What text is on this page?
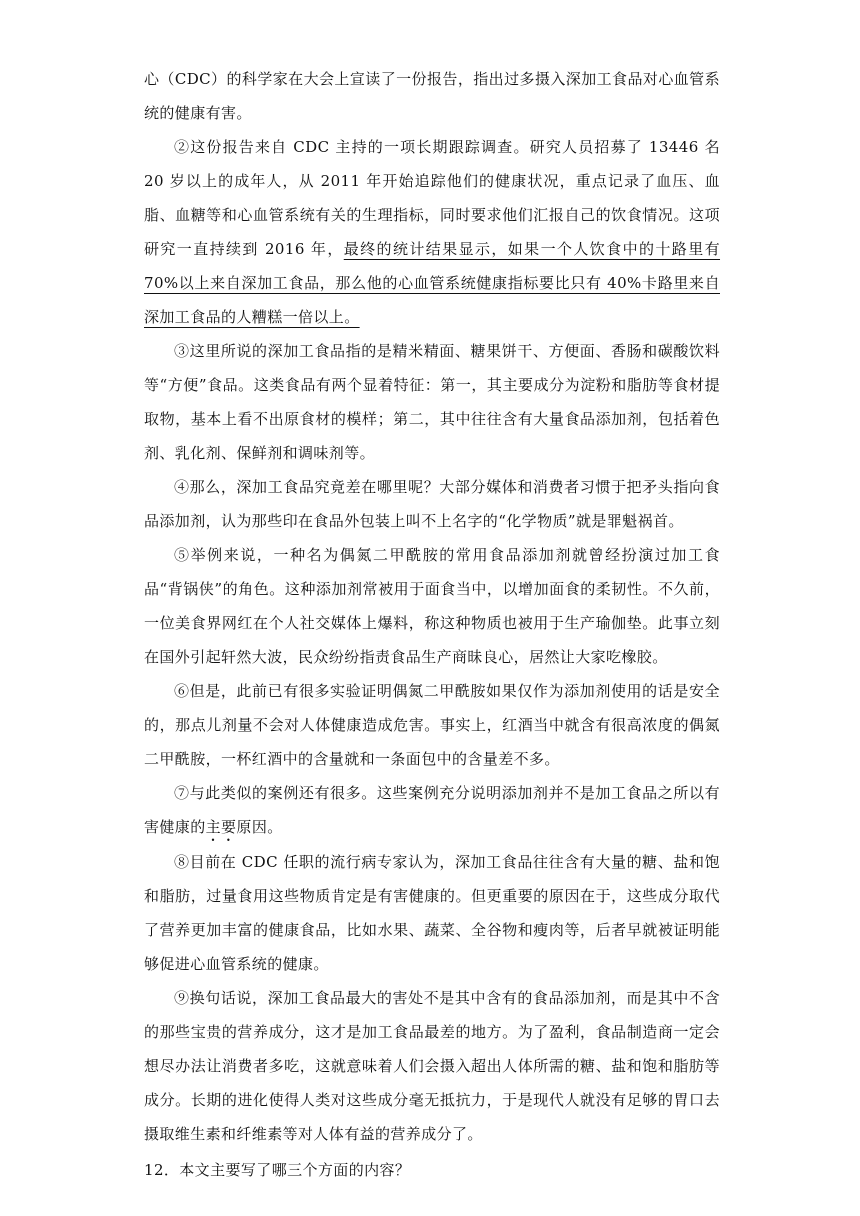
心（CDC）的科学家在大会上宣读了一份报告，指出过多摄入深加工食品对心血管系统的健康有害。

②这份报告来自 CDC 主持的一项长期跟踪调查。研究人员招募了 13446 名 20 岁以上的成年人，从 2011 年开始追踪他们的健康状况，重点记录了血压、血脂、血糖等和心血管系统有关的生理指标，同时要求他们汇报自己的饮食情况。这项研究一直持续到 2016 年，最终的统计结果显示，如果一个人饮食中的十路里有 70%以上来自深加工食品，那么他的心血管系统健康指标要比只有 40%卡路里来自深加工食品的人糟糕一倍以上。

③这里所说的深加工食品指的是精米精面、糖果饼干、方便面、香肠和碳酸饮料等“方便”食品。这类食品有两个显着特征：第一，其主要成分为淀粉和脂肪等食材提取物，基本上看不出原食材的模样；第二，其中往往含有大量食品添加剂，包括着色剂、乳化剂、保鲜剂和调味剂等。

④那么，深加工食品究竟差在哪里呢？大部分媒体和消费者习惯于把矛头指向食品添加剂，认为那些印在食品外包装上叫不上名字的“化学物质”就是罪魁祸首。

⑤举例来说，一种名为偶氮二甲酰胺的常用食品添加剂就曾经扮演过加工食品“背锅侠”的角色。这种添加剂常被用于面食当中，以增加面食的柔韧性。不久前，一位美食界网红在个人社交媒体上爆料，称这种物质也被用于生产瑜伽垫。此事立刻在国外引起轩然大波，民众纷纷指责食品生产商昧良心，居然让大家吃橡胶。

⑥但是，此前已有很多实验证明偶氮二甲酰胺如果仅作为添加剂使用的话是安全的，那点儿剂量不会对人体健康造成危害。事实上，红酒当中就含有很高浓度的偶氮二甲酰胺，一杯红酒中的含量就和一条面包中的含量差不多。

⑦与此类似的案例还有很多。这些案例充分说明添加剂并不是加工食品之所以有害健康的主要原因。

⑧目前在 CDC 任职的流行病专家认为，深加工食品往往含有大量的糖、盐和饱和脂肪，过量食用这些物质肯定是有害健康的。但更重要的原因在于，这些成分取代了营养更加丰富的健康食品，比如水果、蔬菜、全谷物和瘦肉等，后者早就被证明能够促进心血管系统的健康。

⑨换句话说，深加工食品最大的害处不是其中含有的食品添加剂，而是其中不含的那些宝贵的营养成分，这才是加工食品最差的地方。为了盈利，食品制造商一定会想尽办法让消费者多吃，这就意味着人们会摄入超出人体所需的糖、盐和饱和脂肪等成分。长期的进化使得人类对这些成分毫无抵抗力，于是现代人就没有足够的胃口去摄取维生素和纤维素等对人体有益的营养成分了。

12．本文主要写了哪三个方面的内容？
